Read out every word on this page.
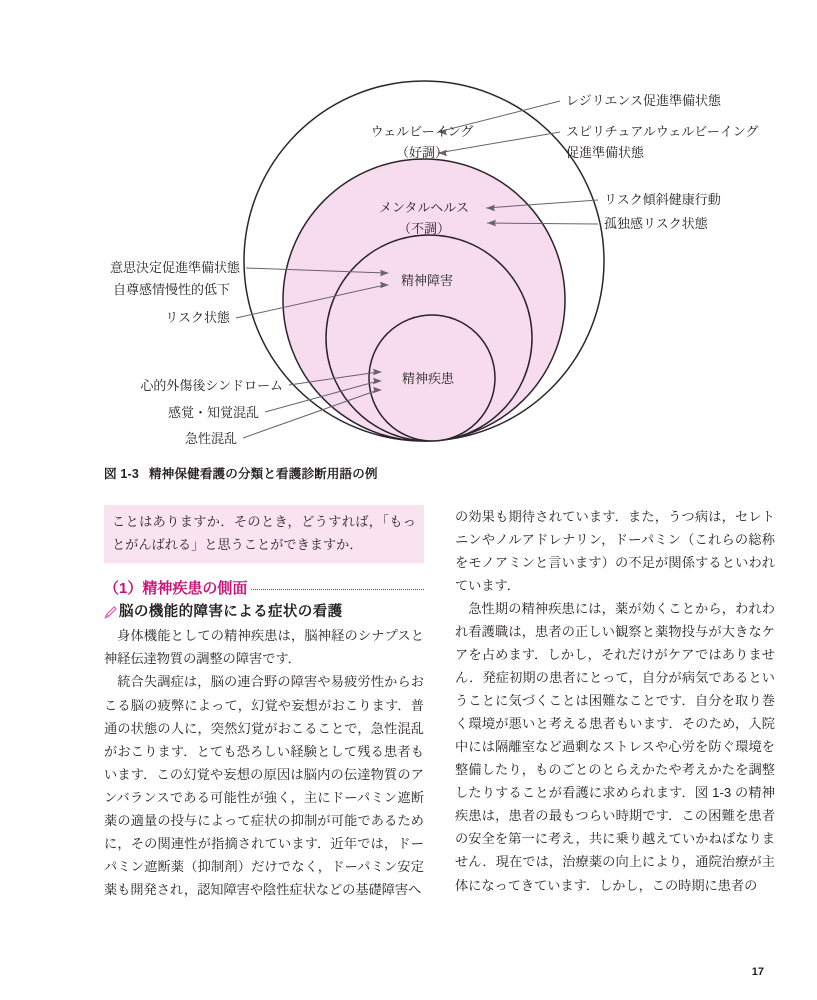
ウェルビーイング
（好調）
メンタルヘルス
（不調）
精神障害
精神疾患
レジリエンス促進準備状態
スピリチュアルウェルビーイング
促進準備状態
リスク傾斜健康行動
孤独感リスク状態
意思決定促進準備状態
自尊感情慢性的低下
リスク状態
心的外傷後シンドローム
感覚・知覚混乱
急性混乱
図 1-3 精神保健看護の分類と看護診断用語の例

ことはありますか．そのとき，どうすれば，「もっとがんばれる」と思うことができますか．

（1） 精神疾患の側面
脳の機能的障害による症状の看護

身体機能としての精神疾患は，脳神経のシナプスと神経伝達物質の調整の障害です．

統合失調症は，脳の連合野の障害や易疲労性からおこる脳の疲弊によって，幻覚や妄想がおこります．普通の状態の人に，突然幻覚がおこることで，急性混乱がおこります．とても恐ろしい経験として残る患者もいます．この幻覚や妄想の原因は脳内の伝達物質のアンバランスである可能性が強く，主にドーパミン遮断薬の適量の投与によって症状の抑制が可能であるために，その関連性が指摘されています．近年では，ドーパミン遮断薬（抑制剤）だけでなく，ドーパミン安定薬も開発され，認知障害や陰性症状などの基礎障害へ

の効果も期待されています．また，うつ病は，セレトニンやノルアドレナリン，ドーパミン（これらの総称をモノアミンと言います）の不足が関係するといわれています．

急性期の精神疾患には，薬が効くことから，われわれ看護職は，患者の正しい観察と薬物投与が大きなケアを占めます．しかし，それだけがケアではありません．発症初期の患者にとって，自分が病気であるということに気づくことは困難なことです．自分を取り巻く環境が悪いと考える患者もいます．そのため，入院中には隔離室など過剰なストレスや心労を防ぐ環境を整備したり，ものごとのとらえかたや考えかたを調整したりすることが看護に求められます．図 1-3 の精神疾患は，患者の最もつらい時期です．この困難を患者の安全を第一に考え，共に乗り越えていかねばなりません．現在では，治療薬の向上により，通院治療が主体になってきています．しかし，この時期に患者の

17
